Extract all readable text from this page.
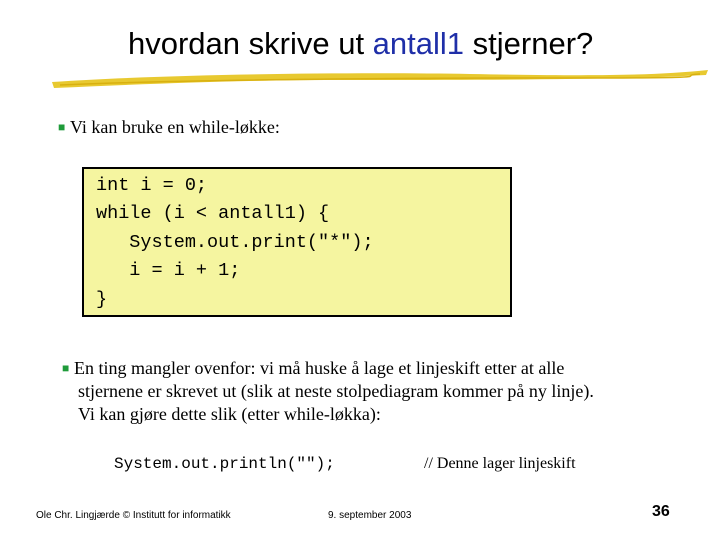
hvordan skrive ut antall1 stjerner?
■ Vi kan bruke en while-løkke:
int i = 0;
while (i < antall1) {
System.out.print("*");
i = i + 1;
}
■ En ting mangler ovenfor: vi må huske å lage et linjeskift etter at alle
stjernene er skrevet ut (slik at neste stolpediagram kommer på ny linje).
Vi kan gjøre dette slik (etter while-løkka):
System.out.println("");	// Denne lager linjeskift
Ole Chr. Lingjærde © Institutt for informatikk	9. september 2003	36
